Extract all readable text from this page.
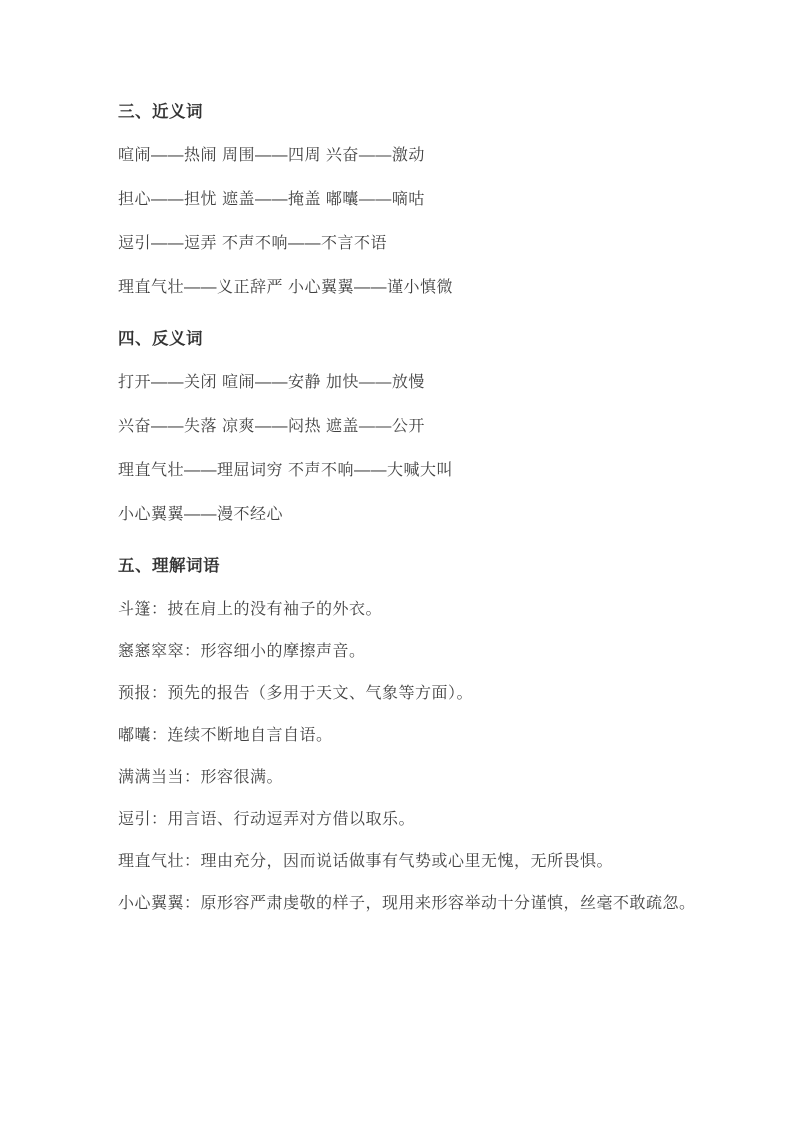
三、近义词

喧闹——热闹 周围——四周 兴奋——激动

担心——担忧 遮盖——掩盖 嘟囔——嘀咕

逗引——逗弄 不声不响——不言不语

理直气壮——义正辞严 小心翼翼——谨小慎微

四、反义词

打开——关闭 喧闹——安静 加快——放慢

兴奋——失落 凉爽——闷热 遮盖——公开

理直气壮——理屈词穷 不声不响——大喊大叫

小心翼翼——漫不经心

五、理解词语

斗篷：披在肩上的没有袖子的外衣。

窸窸窣窣：形容细小的摩擦声音。

预报：预先的报告（多用于天文、气象等方面）。

嘟囔：连续不断地自言自语。

满满当当：形容很满。

逗引：用言语、行动逗弄对方借以取乐。

理直气壮：理由充分，因而说话做事有气势或心里无愧，无所畏惧。

小心翼翼：原形容严肃虔敬的样子，现用来形容举动十分谨慎，丝毫不敢疏忽。
